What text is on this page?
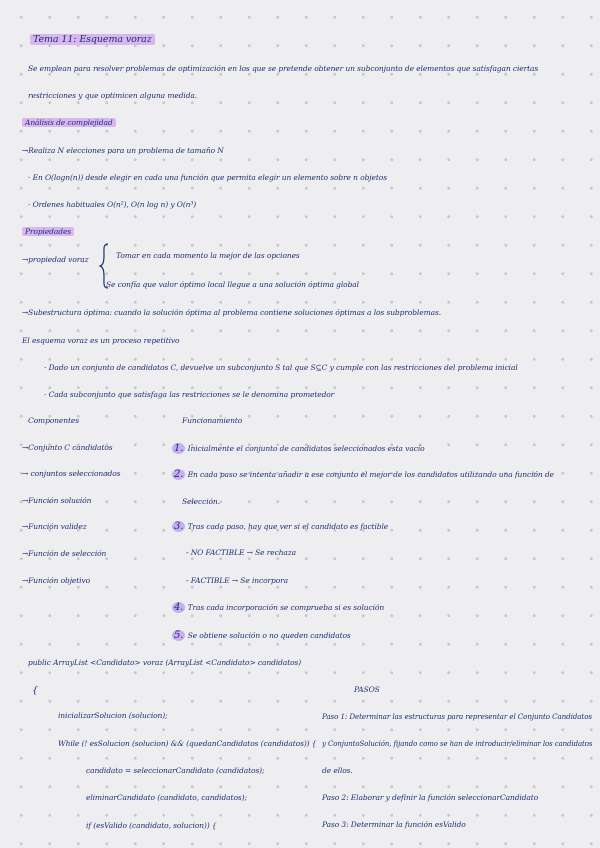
Tema 11: Esquema voraz
Se emplean para resolver problemas de optimización en los que se pretende obtener un subconjunto de elementos que satisfagan ciertas
restricciones y que optimicen alguna medida.
Análisis de complejidad
→Realiza N elecciones para un problema de tamaño N
· En O(logn(n)) desde elegir en cada una función que permita elegir un elemento sobre n objetos
· Ordenes habituales O(n²), O(n log n) y O(n³)
Propiedades
→propiedad voraz	Tomar en cada momento la mejor de las opciones
Se confía que valor óptimo local llegue a una solución óptima global
→Subestructura óptima: cuando la solución óptima al problema contiene soluciones óptimas a los subproblemas.
El esquema voraz es un proceso repetitivo
· Dado un conjunto de candidatos C, devuelve un subconjunto S tal que S⊆C y cumple con las restricciones del problema inicial
· Cada subconjunto que satisfaga las restricciones se le denomina prometedor
Componentes
→Conjunto C candidatos
→ conjuntos seleccionados
→Función solución
→Función validez
→Función de selección
→Función objetivo
Funcionamiento
1. Inicialmente el conjunto de candidatos seleccionados esta vacío
2. En cada paso se intenta añadir a ese conjunto el mejor de los candidatos utilizando una función de
Selección.
3. Tras cada paso, hay que ver si el candidato es factible
- NO FACTIBLE → Se rechaza
- FACTIBLE → Se incorpora
4. Tras cada incorporación se comprueba si es solución
5. Se obtiene solución o no queden candidatos
public ArrayList <Candidato> voraz (ArrayList <Candidato> candidatos)
{
inicializarSolucion (solucion);
While (! esSolucion (solucion) && (quedanCandidatos (candidatos)) {
candidato = seleccionarCandidato (candidatos);
eliminarCandidato (candidato, candidatos);
if (esValido (candidato, solucion)) {
PASOS
Paso 1: Determinar las estructuras para representar el Conjunto Candidatos
y ConjuntoSolución, fijando como se han de introducir/eliminar los candidatos
de ellos.
Paso 2: Elaborar y definir la función seleccionarCandidato
Paso 3: Determinar la función esValido
